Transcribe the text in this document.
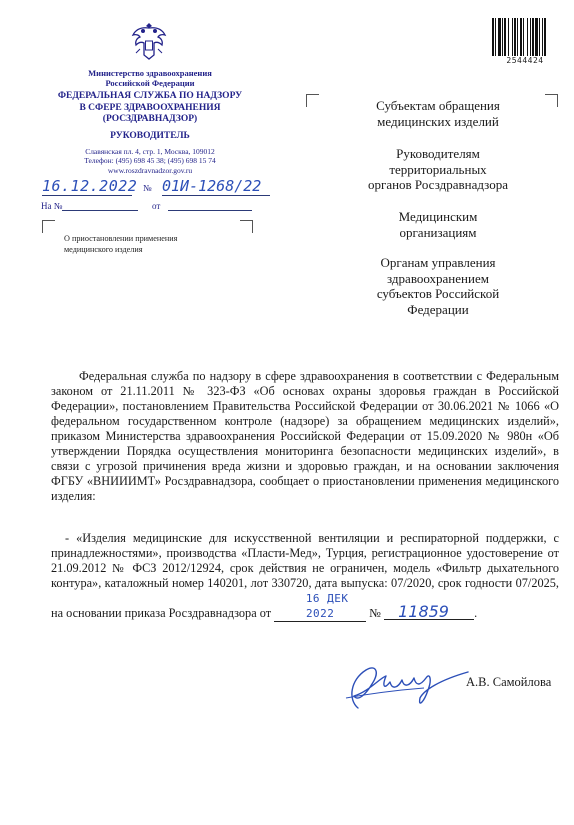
Министерство здравоохранения
Российской Федерации
ФЕДЕРАЛЬНАЯ СЛУЖБА ПО НАДЗОРУ
В СФЕРЕ ЗДРАВООХРАНЕНИЯ
(РОСЗДРАВНАДЗОР)
РУКОВОДИТЕЛЬ
Славянская пл. 4, стр. 1, Москва, 109012
Телефон: (495) 698 45 38; (495) 698 15 74
www.roszdravnadzor.gov.ru
16.12.2022 № 01И-1268/22
На №	от
О приостановлении применения
медицинского изделия
2544424
Субъектам обращения
медицинских изделий
Руководителям
территориальных
органов Росздравнадзора
Медицинским
организациям
Органам управления
здравоохранением
субъектов Российской
Федерации
Федеральная служба по надзору в сфере здравоохранения в соответствии с Федеральным законом от 21.11.2011 № 323-ФЗ «Об основах охраны здоровья граждан в Российской Федерации», постановлением Правительства Российской Федерации от 30.06.2021 № 1066 «О федеральном государственном контроле (надзоре) за обращением медицинских изделий», приказом Министерства здравоохранения Российской Федерации от 15.09.2020 № 980н «Об утверждении Порядка осуществления мониторинга безопасности медицинских изделий», в связи с угрозой причинения вреда жизни и здоровью граждан, и на основании заключения ФГБУ «ВНИИИМТ» Росздравнадзора, сообщает о приостановлении применения медицинского изделия:
- «Изделия медицинские для искусственной вентиляции и респираторной поддержки, с принадлежностями», производства «Пласти-Мед», Турция, регистрационное удостоверение от 21.09.2012 № ФСЗ 2012/12924, срок действия не ограничен, модель «Фильтр дыхательного контура», каталожный номер 140201, лот 330720, дата выпуска: 07/2020, срок годности 07/2025, на основании приказа Росздравнадзора от 16 ДЕК 2022	№ 11859 .
А.В. Самойлова
